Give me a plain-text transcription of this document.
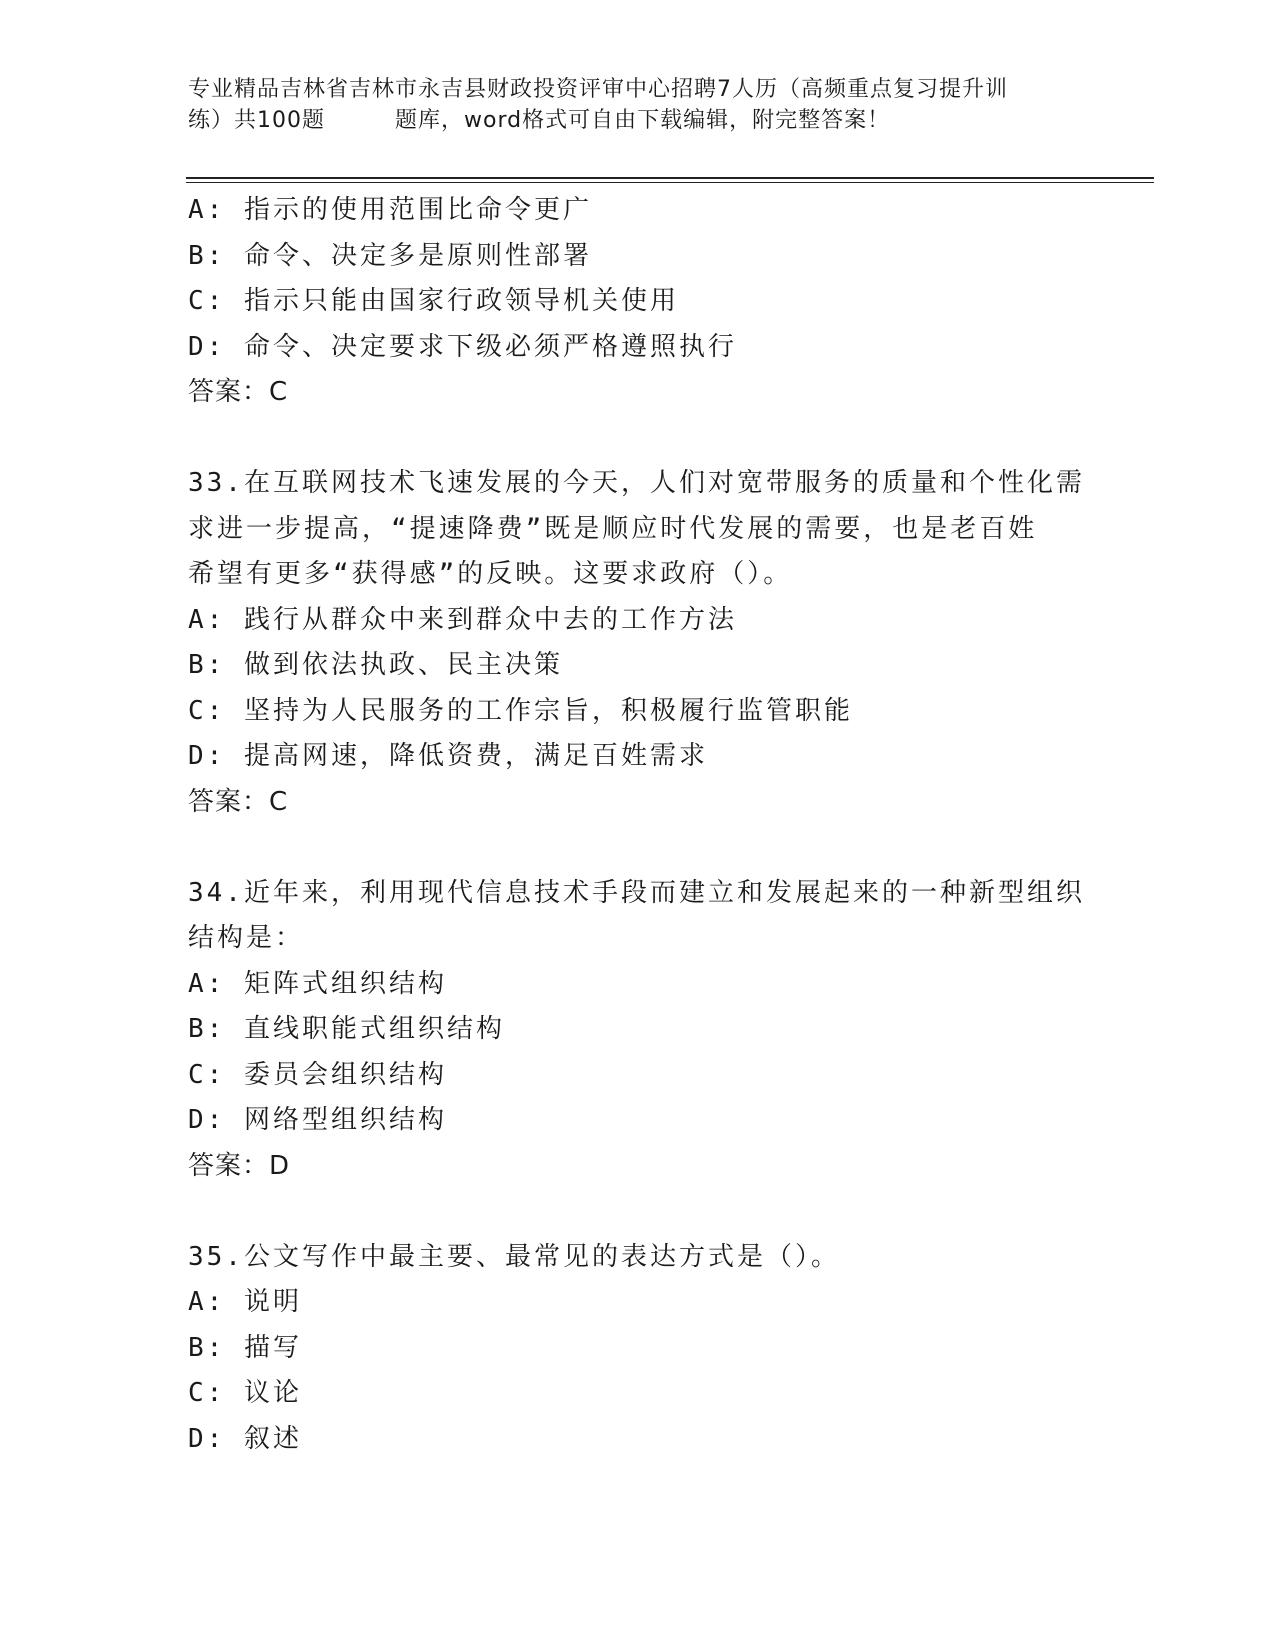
专业精品吉林省吉林市永吉县财政投资评审中心招聘7人历（高频重点复习提升训
练）共100题	题库，word格式可自由下载编辑，附完整答案！
A: 指示的使用范围比命令更广
B: 命令、决定多是原则性部署
C: 指示只能由国家行政领导机关使用
D: 命令、决定要求下级必须严格遵照执行
答案：C
33.在互联网技术飞速发展的今天，人们对宽带服务的质量和个性化需
求进一步提高，“提速降费”既是顺应时代发展的需要，也是老百姓
希望有更多“获得感”的反映。这要求政府（）。
A: 践行从群众中来到群众中去的工作方法
B: 做到依法执政、民主决策
C: 坚持为人民服务的工作宗旨，积极履行监管职能
D: 提高网速，降低资费，满足百姓需求
答案：C
34.近年来，利用现代信息技术手段而建立和发展起来的一种新型组织
结构是：
A: 矩阵式组织结构
B: 直线职能式组织结构
C: 委员会组织结构
D: 网络型组织结构
答案：D
35.公文写作中最主要、最常见的表达方式是（）。
A: 说明
B: 描写
C: 议论
D: 叙述
